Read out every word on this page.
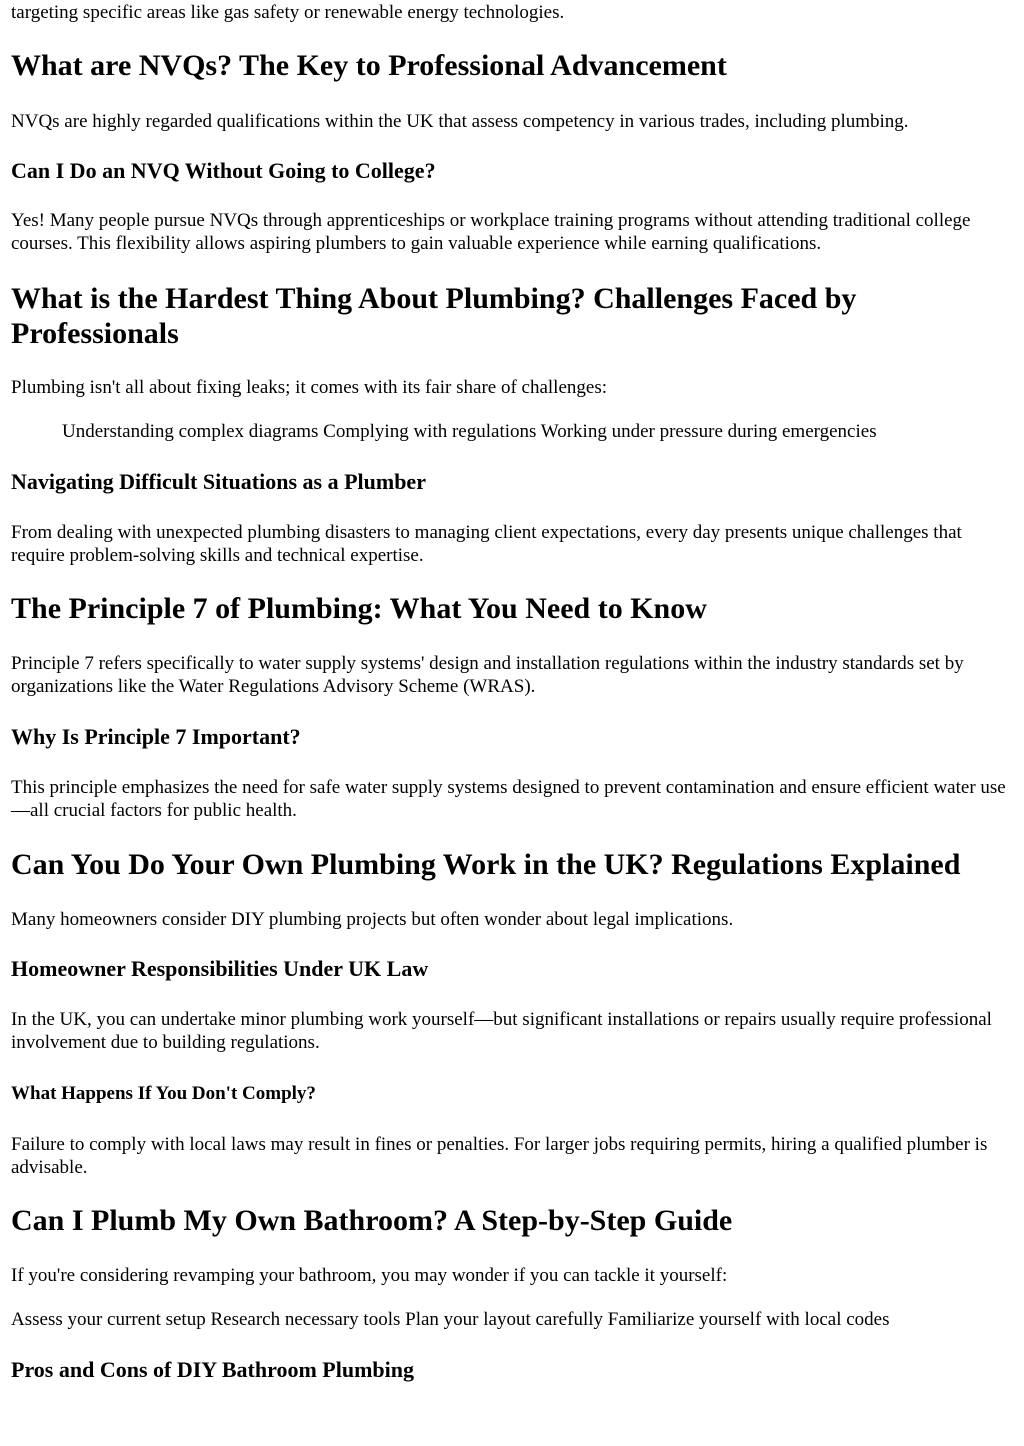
targeting specific areas like gas safety or renewable energy technologies.

What are NVQs? The Key to Professional Advancement

NVQs are highly regarded qualifications within the UK that assess competency in various trades, including plumbing.

Can I Do an NVQ Without Going to College?

Yes! Many people pursue NVQs through apprenticeships or workplace training programs without attending traditional college courses. This flexibility allows aspiring plumbers to gain valuable experience while earning qualifications.

What is the Hardest Thing About Plumbing? Challenges Faced by Professionals

Plumbing isn't all about fixing leaks; it comes with its fair share of challenges:

Understanding complex diagrams Complying with regulations Working under pressure during emergencies

Navigating Difficult Situations as a Plumber

From dealing with unexpected plumbing disasters to managing client expectations, every day presents unique challenges that require problem-solving skills and technical expertise.

The Principle 7 of Plumbing: What You Need to Know

Principle 7 refers specifically to water supply systems' design and installation regulations within the industry standards set by organizations like the Water Regulations Advisory Scheme (WRAS).

Why Is Principle 7 Important?

This principle emphasizes the need for safe water supply systems designed to prevent contamination and ensure efficient water use—all crucial factors for public health.

Can You Do Your Own Plumbing Work in the UK? Regulations Explained

Many homeowners consider DIY plumbing projects but often wonder about legal implications.

Homeowner Responsibilities Under UK Law

In the UK, you can undertake minor plumbing work yourself—but significant installations or repairs usually require professional involvement due to building regulations.

What Happens If You Don't Comply?

Failure to comply with local laws may result in fines or penalties. For larger jobs requiring permits, hiring a qualified plumber is advisable.

Can I Plumb My Own Bathroom? A Step-by-Step Guide

If you're considering revamping your bathroom, you may wonder if you can tackle it yourself:

Assess your current setup Research necessary tools Plan your layout carefully Familiarize yourself with local codes

Pros and Cons of DIY Bathroom Plumbing
